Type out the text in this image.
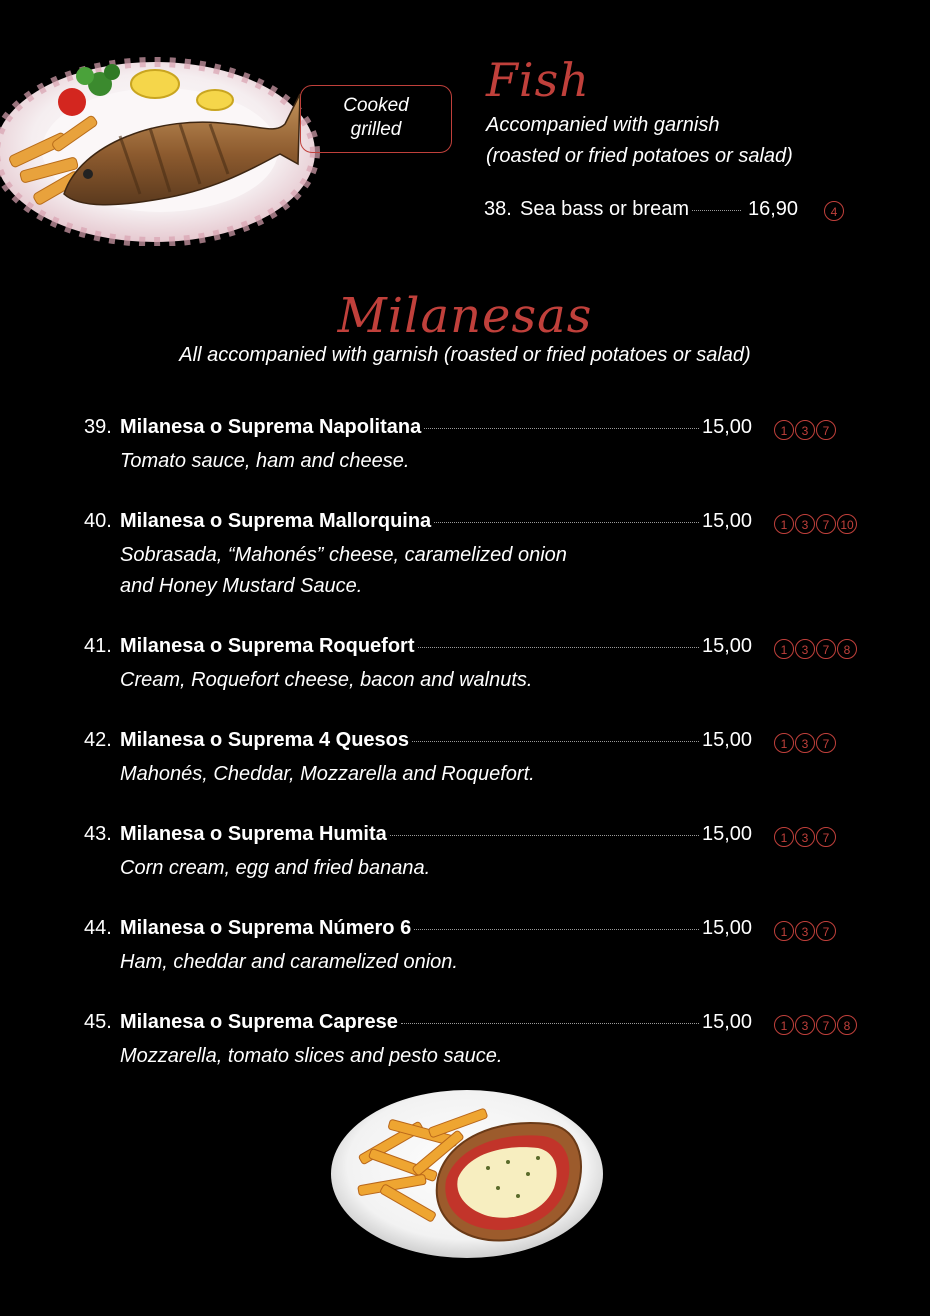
Cooked
grilled
Fish
Accompanied with garnish
(roasted or fried potatoes or salad)
38. Sea bass or bream	16,90	4
Milanesas
All accompanied with garnish (roasted or fried potatoes or salad)
39. Milanesa o Suprema Napolitana	15,00	1	3	7
Tomato sauce, ham and cheese.
40. Milanesa o Suprema Mallorquina	15,00	1	3	7 10
Sobrasada, “Mahonés” cheese, caramelized onion
and Honey Mustard Sauce.
41. Milanesa o Suprema Roquefort	15,00	1	3	7	8
Cream, Roquefort cheese, bacon and walnuts.
42. Milanesa o Suprema 4 Quesos	15,00	1	3	7
Mahonés, Cheddar, Mozzarella and Roquefort.
43. Milanesa o Suprema Humita	15,00	1	3	7
Corn cream, egg and fried banana.
44. Milanesa o Suprema Número 6	15,00	1	3	7
Ham, cheddar and caramelized onion.
45. Milanesa o Suprema Caprese	15,00	1	3	7	8
Mozzarella, tomato slices and pesto sauce.
